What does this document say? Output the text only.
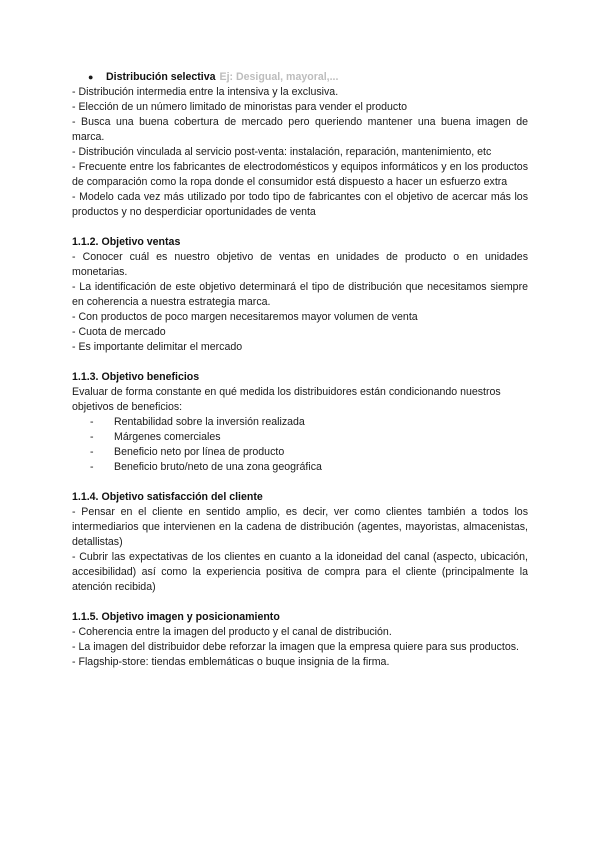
●	Distribución selectiva Ej: Desigual, mayoral,...

- Distribución intermedia entre la intensiva y la exclusiva.

- Elección de un número limitado de minoristas para vender el producto

- Busca una buena cobertura de mercado pero queriendo mantener una buena imagen de marca.

- Distribución vinculada al servicio post-venta: instalación, reparación, mantenimiento, etc

- Frecuente entre los fabricantes de electrodomésticos y equipos informáticos y en los productos de comparación como la ropa donde el consumidor está dispuesto a hacer un esfuerzo extra

- Modelo cada vez más utilizado por todo tipo de fabricantes con el objetivo de acercar más los productos y no desperdiciar oportunidades de venta

1.1.2. Objetivo ventas

- Conocer cuál es nuestro objetivo de ventas en unidades de producto o en unidades monetarias.

- La identificación de este objetivo determinará el tipo de distribución que necesitamos siempre en coherencia a nuestra estrategia marca.

- Con productos de poco margen necesitaremos mayor volumen de venta

- Cuota de mercado

- Es importante delimitar el mercado

1.1.3. Objetivo beneficios

Evaluar de forma constante en qué medida los distribuidores están condicionando nuestros objetivos de beneficios:

-	Rentabilidad sobre la inversión realizada
-	Márgenes comerciales
-	Beneficio neto por línea de producto
-	Beneficio bruto/neto de una zona geográfica

1.1.4. Objetivo satisfacción del cliente

- Pensar en el cliente en sentido amplio, es decir, ver como clientes también a todos los intermediarios que intervienen en la cadena de distribución (agentes, mayoristas, almacenistas, detallistas)

- Cubrir las expectativas de los clientes en cuanto a la idoneidad del canal (aspecto, ubicación, accesibilidad) así como la experiencia positiva de compra para el cliente (principalmente la atención recibida)

1.1.5. Objetivo imagen y posicionamiento

- Coherencia entre la imagen del producto y el canal de distribución.

- La imagen del distribuidor debe reforzar la imagen que la empresa quiere para sus productos.

- Flagship-store: tiendas emblemáticas o buque insignia de la firma.
